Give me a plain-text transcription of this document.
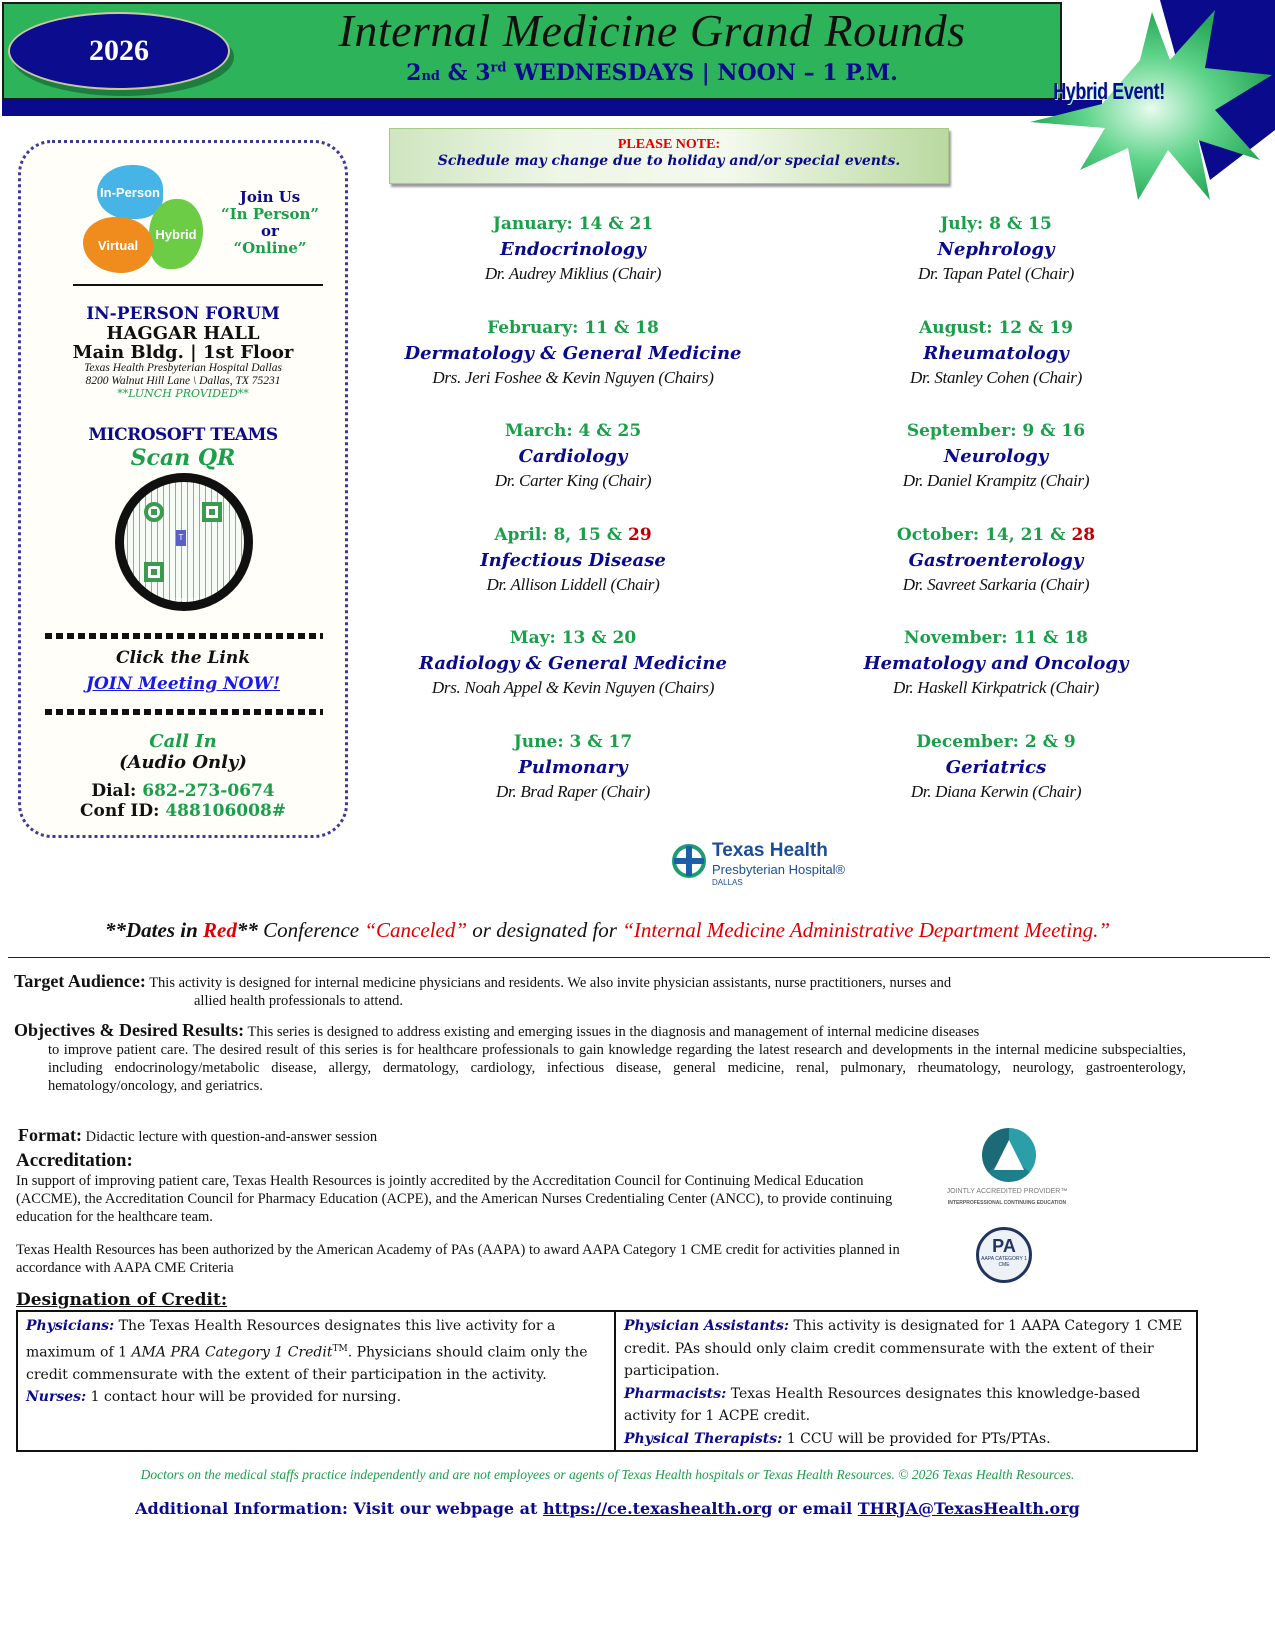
2026	Internal Medicine Grand Rounds
2nd & 3rd WEDNESDAYS | NOON – 1 P.M.
Hybrid Event!
PLEASE NOTE:
Schedule may change due to holiday and/or special events.
In-Person
Hybrid
Virtual
Join Us
“In Person”
or
“Online”
IN-PERSON FORUM
HAGGAR HALL
Main Bldg. | 1st Floor
Texas Health Presbyterian Hospital Dallas
8200 Walnut Hill Lane \ Dallas, TX 75231
**LUNCH PROVIDED**
MICROSOFT TEAMS
Scan QR
T
SCAN ME
Click the Link
JOIN Meeting NOW!
Call In
(Audio Only)
Dial: 682-273-0674
Conf ID: 488106008#
January: 14 & 21
Endocrinology
Dr. Audrey Miklius (Chair)
February: 11 & 18
Dermatology & General Medicine
Drs. Jeri Foshee & Kevin Nguyen (Chairs)
March: 4 & 25
Cardiology
Dr. Carter King (Chair)
April: 8, 15 & 29
Infectious Disease
Dr. Allison Liddell (Chair)
May: 13 & 20
Radiology & General Medicine
Drs. Noah Appel & Kevin Nguyen (Chairs)
June: 3 & 17
Pulmonary
Dr. Brad Raper (Chair)
July: 8 & 15
Nephrology
Dr. Tapan Patel (Chair)
August: 12 & 19
Rheumatology
Dr. Stanley Cohen (Chair)
September: 9 & 16
Neurology
Dr. Daniel Krampitz (Chair)
October: 14, 21 & 28
Gastroenterology
Dr. Savreet Sarkaria (Chair)
November: 11 & 18
Hematology and Oncology
Dr. Haskell Kirkpatrick (Chair)
December: 2 & 9
Geriatrics
Dr. Diana Kerwin (Chair)
Texas Health
Presbyterian Hospital®
DALLAS
**Dates in Red** Conference “Canceled” or designated for “Internal Medicine Administrative Department Meeting.”
Target Audience: This activity is designed for internal medicine physicians and residents. We also invite physician assistants, nurse practitioners, nurses and
allied health professionals to attend.
Objectives & Desired Results: This series is designed to address existing and emerging issues in the diagnosis and management of internal medicine diseases
to improve patient care. The desired result of this series is for healthcare professionals to gain knowledge regarding the latest research and developments in the internal medicine subspecialties, including endocrinology/metabolic disease, allergy, dermatology, cardiology, infectious disease, general medicine, renal, pulmonary, rheumatology, neurology, gastroenterology, hematology/oncology, and geriatrics.
Format: Didactic lecture with question-and-answer session
Accreditation:

In support of improving patient care, Texas Health Resources is jointly accredited by the Accreditation Council for Continuing Medical Education (ACCME), the Accreditation Council for Pharmacy Education (ACPE), and the American Nurses Credentialing Center (ANCC), to provide continuing education for the healthcare team.

Texas Health Resources has been authorized by the American Academy of PAs (AAPA) to award AAPA Category 1 CME credit for activities planned in accordance with AAPA CME Criteria

JOINTLY ACCREDITED PROVIDER™
INTERPROFESSIONAL CONTINUING EDUCATION
PA
AAPA CATEGORY 1 CME
Designation of Credit:
Physicians: The Texas Health Resources designates this live activity for a maximum of 1 AMA PRA Category 1 Credit™. Physicians should claim only the credit commensurate with the extent of their participation in the activity.
Nurses: 1 contact hour will be provided for nursing.
Physician Assistants: This activity is designated for 1 AAPA Category 1 CME credit. PAs should only claim credit commensurate with the extent of their participation.
Pharmacists: Texas Health Resources designates this knowledge-based activity for 1 ACPE credit.
Physical Therapists: 1 CCU will be provided for PTs/PTAs.
Doctors on the medical staffs practice independently and are not employees or agents of Texas Health hospitals or Texas Health Resources. © 2026 Texas Health Resources.
Additional Information: Visit our webpage at https://ce.texashealth.org or email THRJA@TexasHealth.org
